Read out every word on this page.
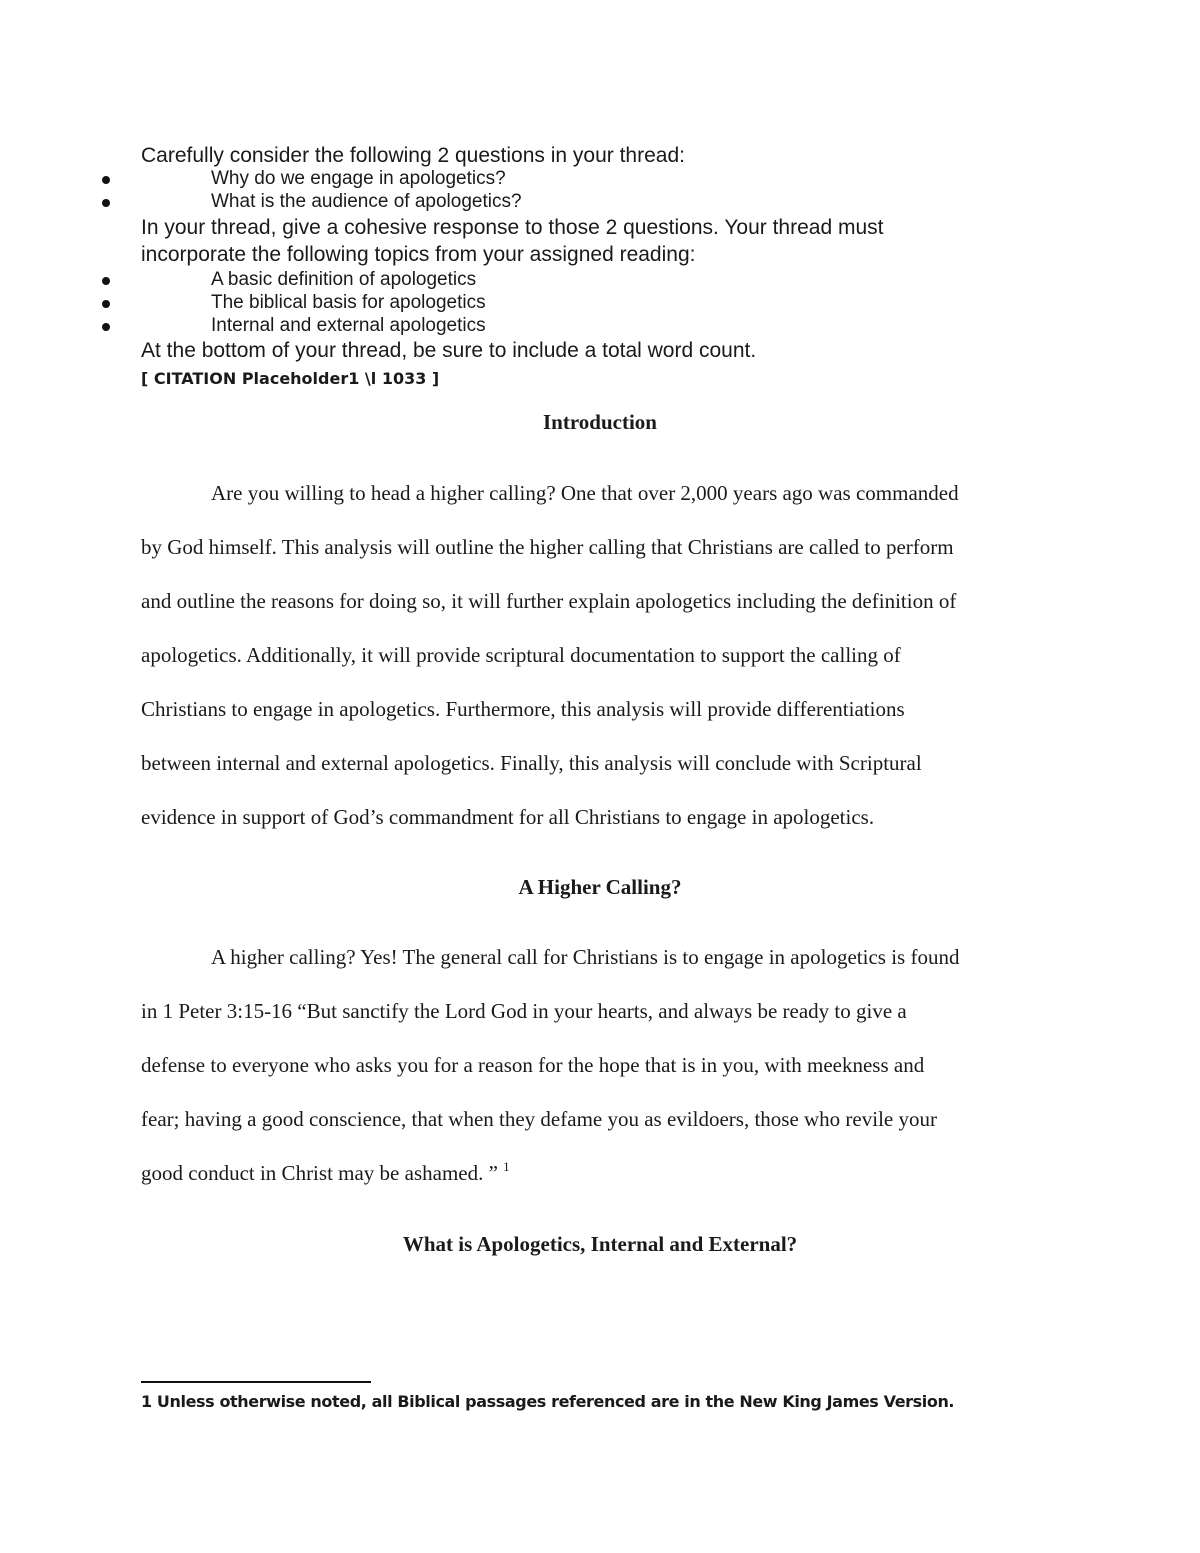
Carefully consider the following 2 questions in your thread:
Why do we engage in apologetics?
What is the audience of apologetics?
In your thread, give a cohesive response to those 2 questions. Your thread must
incorporate the following topics from your assigned reading:
A basic definition of apologetics
The biblical basis for apologetics
Internal and external apologetics
At the bottom of your thread, be sure to include a total word count.
[ CITATION Placeholder1 \l 1033 ]
Introduction
Are you willing to head a higher calling? One that over 2,000 years ago was commanded
by God himself. This analysis will outline the higher calling that Christians are called to perform
and outline the reasons for doing so, it will further explain apologetics including the definition of
apologetics. Additionally, it will provide scriptural documentation to support the calling of
Christians to engage in apologetics. Furthermore, this analysis will provide differentiations
between internal and external apologetics. Finally, this analysis will conclude with Scriptural
evidence in support of God’s commandment for all Christians to engage in apologetics.
A Higher Calling?
A higher calling? Yes! The general call for Christians is to engage in apologetics is found
in 1 Peter 3:15-16 “But sanctify the Lord God in your hearts, and always be ready to give a
defense to everyone who asks you for a reason for the hope that is in you, with meekness and
fear; having a good conscience, that when they defame you as evildoers, those who revile your
good conduct in Christ may be ashamed. ” $^1$
What is Apologetics, Internal and External?
1 Unless otherwise noted, all Biblical passages referenced are in the New King James Version.
